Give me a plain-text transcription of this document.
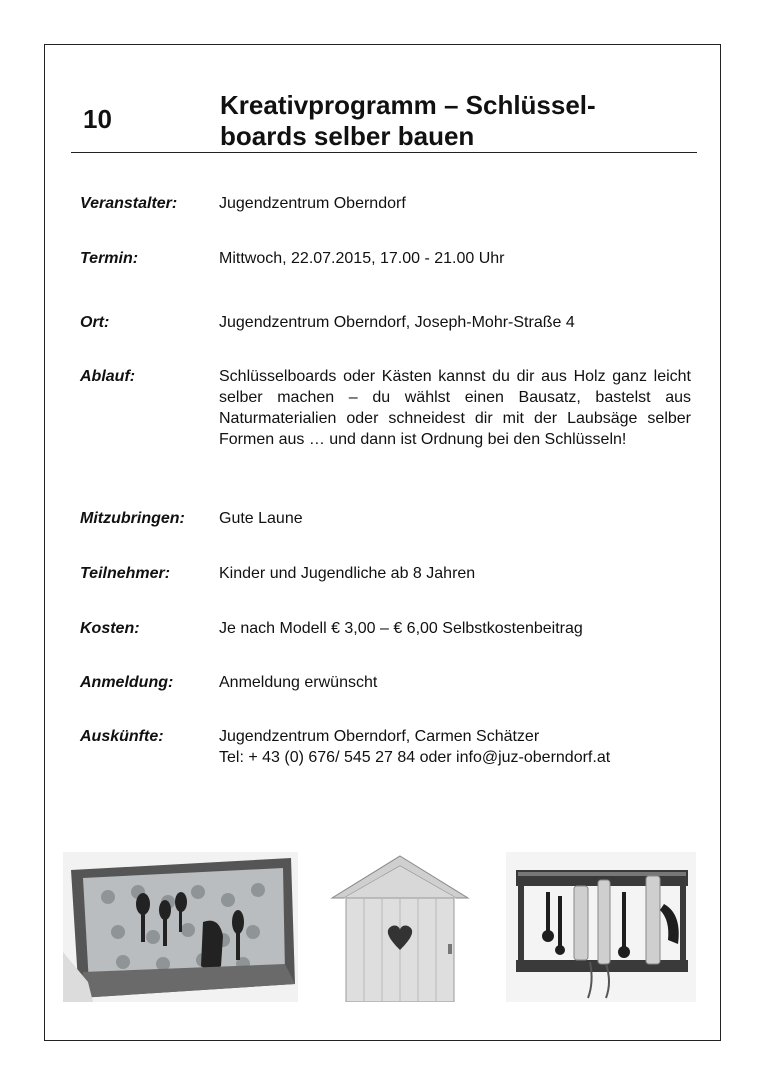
10	Kreativprogramm – Schlüssel-
boards selber bauen
Veranstalter:	Jugendzentrum Oberndorf
Termin:	Mittwoch, 22.07.2015, 17.00 - 21.00 Uhr
Ort:	Jugendzentrum Oberndorf, Joseph-Mohr-Straße 4
Ablauf:	Schlüsselboards oder Kästen kannst du dir aus Holz ganz leicht selber machen – du wählst einen Bausatz, bastelst aus Naturmaterialien oder schneidest dir mit der Laubsäge selber Formen aus … und dann ist Ordnung bei den Schlüsseln!
Mitzubringen: Gute Laune
Teilnehmer:	Kinder und Jugendliche ab 8 Jahren
Kosten:	Je nach Modell € 3,00 – € 6,00 Selbstkostenbeitrag
Anmeldung:	Anmeldung erwünscht
Auskünfte:	Jugendzentrum Oberndorf, Carmen Schätzer
Tel: + 43 (0) 676/ 545 27 84 oder info@juz-oberndorf.at
